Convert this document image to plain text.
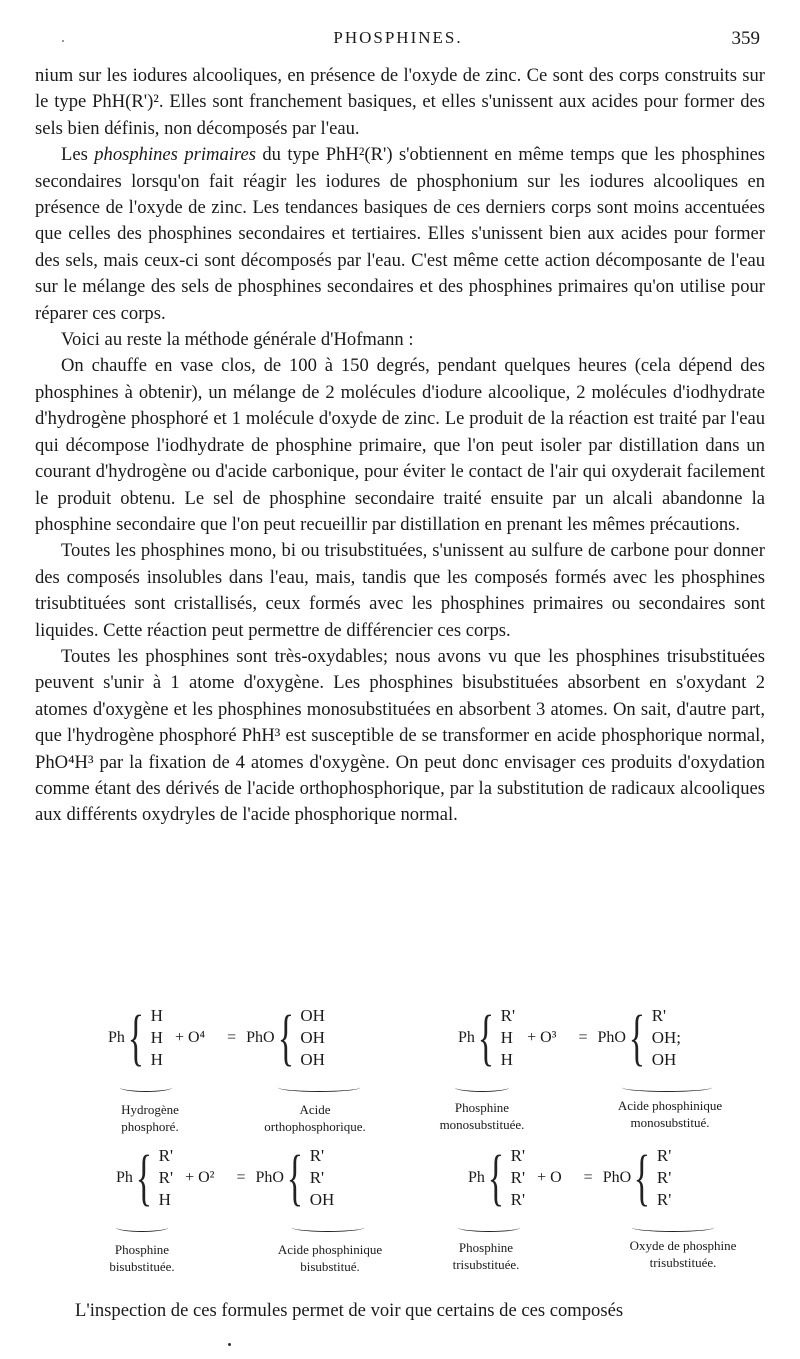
PHOSPHINES.	359

nium sur les iodures alcooliques, en présence de l'oxyde de zinc. Ce sont des corps construits sur le type PhH(R')². Elles sont franchement basiques, et elles s'unissent aux acides pour former des sels bien définis, non décomposés par l'eau.

Les phosphines primaires du type PhH²(R') s'obtiennent en même temps que les phosphines secondaires lorsqu'on fait réagir les iodures de phosphonium sur les iodures alcooliques en présence de l'oxyde de zinc. Les tendances basiques de ces derniers corps sont moins accentuées que celles des phosphines secondaires et tertiaires. Elles s'unissent bien aux acides pour former des sels, mais ceux-ci sont décomposés par l'eau. C'est même cette action décomposante de l'eau sur le mélange des sels de phosphines secondaires et des phosphines primaires qu'on utilise pour réparer ces corps.

Voici au reste la méthode générale d'Hofmann :

On chauffe en vase clos, de 100 à 150 degrés, pendant quelques heures (cela dépend des phosphines à obtenir), un mélange de 2 molécules d'iodure alcoolique, 2 molécules d'iodhydrate d'hydrogène phosphoré et 1 molécule d'oxyde de zinc. Le produit de la réaction est traité par l'eau qui décompose l'iodhydrate de phosphine primaire, que l'on peut isoler par distillation dans un courant d'hydrogène ou d'acide carbonique, pour éviter le contact de l'air qui oxyderait facilement le produit obtenu. Le sel de phosphine secondaire traité ensuite par un alcali abandonne la phosphine secondaire que l'on peut recueillir par distillation en prenant les mêmes précautions.

Toutes les phosphines mono, bi ou trisubstituées, s'unissent au sulfure de carbone pour donner des composés insolubles dans l'eau, mais, tandis que les composés formés avec les phosphines trisubtituées sont cristallisés, ceux formés avec les phosphines primaires ou secondaires sont liquides. Cette réaction peut permettre de différencier ces corps.

Toutes les phosphines sont très-oxydables; nous avons vu que les phosphines trisubstituées peuvent s'unir à 1 atome d'oxygène. Les phosphines bisubstituées absorbent en s'oxydant 2 atomes d'oxygène et les phosphines monosubstituées en absorbent 3 atomes. On sait, d'autre part, que l'hydrogène phosphoré PhH³ est susceptible de se transformer en acide phosphorique normal, PhO⁴H³ par la fixation de 4 atomes d'oxygène. On peut donc envisager ces produits d'oxydation comme étant des dérivés de l'acide orthophosphorique, par la substitution de radicaux alcooliques aux différents oxydryles de l'acide phosphorique normal.

Ph { H
H
H
+ O⁴ = PhO { OH
OH
OH
Hydrogène
phosphoré.
Acide
orthophosphorique.
Ph { R'
H
H
+ O³ = PhO { R'
OH;
OH
Phosphine
monosubstituée.
Acide phosphinique
monosubstitué.
Ph { R'
R'
H
+ O² = PhO { R'
R'
OH
Phosphine
bisubstituée.
Acide phosphinique
bisubstitué.
Ph { R'
R'
R'
+ O = PhO { R'
R'
R'
Phosphine
trisubstituée.
Oxyde de phosphine
trisubstituée.
L'inspection de ces formules permet de voir que certains de ces composés
